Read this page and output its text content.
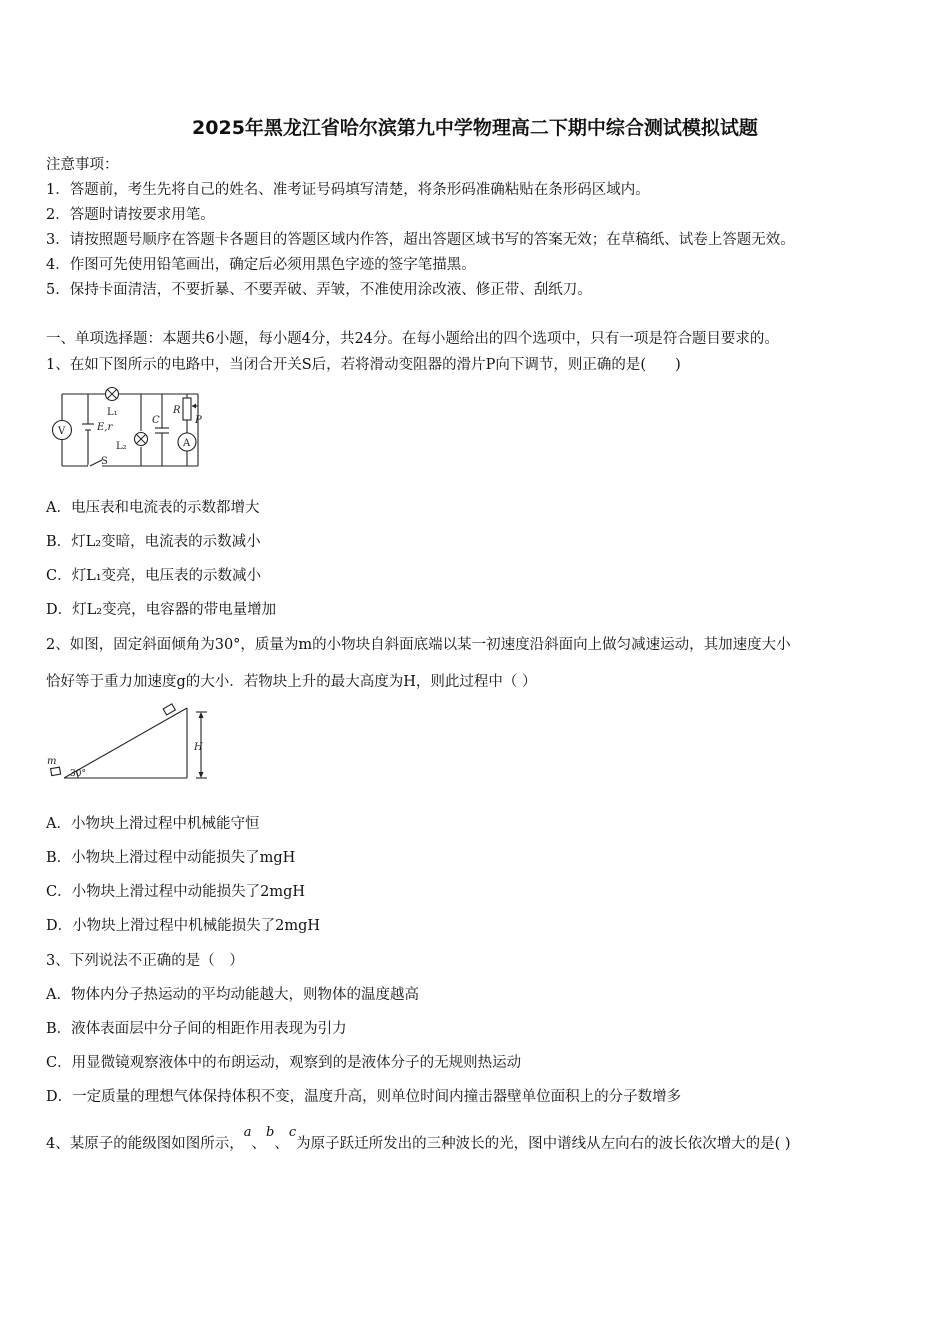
2025年黑龙江省哈尔滨第九中学物理高二下期中综合测试模拟试题
注意事项：
1．答题前，考生先将自己的姓名、准考证号码填写清楚，将条形码准确粘贴在条形码区域内。
2．答题时请按要求用笔。
3．请按照题号顺序在答题卡各题目的答题区域内作答，超出答题区域书写的答案无效；在草稿纸、试卷上答题无效。
4．作图可先使用铅笔画出，确定后必须用黑色字迹的签字笔描黑。
5．保持卡面清洁，不要折暴、不要弄破、弄皱，不准使用涂改液、修正带、刮纸刀。
一、单项选择题：本题共6小题，每小题4分，共24分。在每小题给出的四个选项中，只有一项是符合题目要求的。
1、在如下图所示的电路中，当闭合开关S后，若将滑动变阻器的滑片P向下调节，则正确的是(　　)
V
A
L₁
L₂
E,r
S
C
R
P
A．电压表和电流表的示数都增大
B．灯L₂变暗，电流表的示数减小
C．灯L₁变亮，电压表的示数减小
D．灯L₂变亮，电容器的带电量增加
2、如图，固定斜面倾角为30°，质量为m的小物块自斜面底端以某一初速度沿斜面向上做匀减速运动，其加速度大小
恰好等于重力加速度g的大小．若物块上升的最大高度为H，则此过程中（ ）
m
30°
H
A．小物块上滑过程中机械能守恒
B．小物块上滑过程中动能损失了mgH
C．小物块上滑过程中动能损失了2mgH
D．小物块上滑过程中机械能损失了2mgH
3、下列说法不正确的是（　）
A．物体内分子热运动的平均动能越大，则物体的温度越高
B．液体表面层中分子间的相距作用表现为引力
C．用显微镜观察液体中的布朗运动，观察到的是液体分子的无规则热运动
D．一定质量的理想气体保持体积不变，温度升高，则单位时间内撞击器壁单位面积上的分子数增多
4、某原子的能级图如图所示，a、b、c为原子跃迁所发出的三种波长的光，图中谱线从左向右的波长依次增大的是( )
